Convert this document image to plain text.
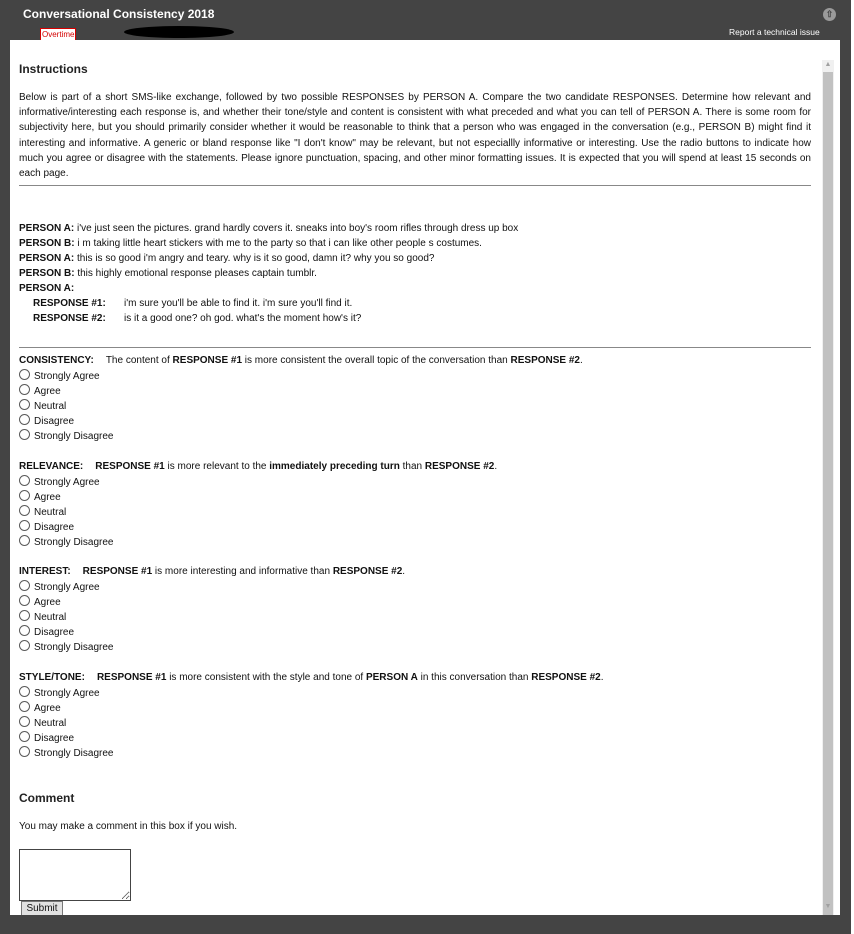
Conversational Consistency 2018
Overtime	Report a technical issue
⇧
Instructions
Below is part of a short SMS-like exchange, followed by two possible RESPONSES by PERSON A. Compare the two candidate RESPONSES. Determine how relevant and informative/interesting each response is, and whether their tone/style and content is consistent with what preceded and what you can tell of PERSON A. There is some room for subjectivity here, but you should primarily consider whether it would be reasonable to think that a person who was engaged in the conversation (e.g., PERSON B) might find it interesting and informative. A generic or bland response like "I don't know" may be relevant, but not especiallly informative or interesting. Use the radio buttons to indicate how much you agree or disagree with the statements. Please ignore punctuation, spacing, and other minor formatting issues. It is expected that you will spend at least 15 seconds on each page.
PERSON A: i've just seen the pictures. grand hardly covers it. sneaks into boy's room rifles through dress up box
PERSON B: i m taking little heart stickers with me to the party so that i can like other people s costumes.
PERSON A: this is so good i'm angry and teary. why is it so good, damn it? why you so good?
PERSON B: this highly emotional response pleases captain tumblr.
PERSON A:
RESPONSE #1: i'm sure you'll be able to find it. i'm sure you'll find it.
RESPONSE #2: is it a good one? oh god. what's the moment how's it?
CONSISTENCY: The content of RESPONSE #1 is more consistent the overall topic of the conversation than RESPONSE #2.
Strongly Agree
Agree
Neutral
Disagree
Strongly Disagree
RELEVANCE: RESPONSE #1 is more relevant to the immediately preceding turn than RESPONSE #2.
Strongly Agree
Agree
Neutral
Disagree
Strongly Disagree
INTEREST: RESPONSE #1 is more interesting and informative than RESPONSE #2.
Strongly Agree
Agree
Neutral
Disagree
Strongly Disagree
STYLE/TONE: RESPONSE #1 is more consistent with the style and tone of PERSON A in this conversation than RESPONSE #2.
Strongly Agree
Agree
Neutral
Disagree
Strongly Disagree
Comment
You may make a comment in this box if you wish.
Submit
▲
▼
